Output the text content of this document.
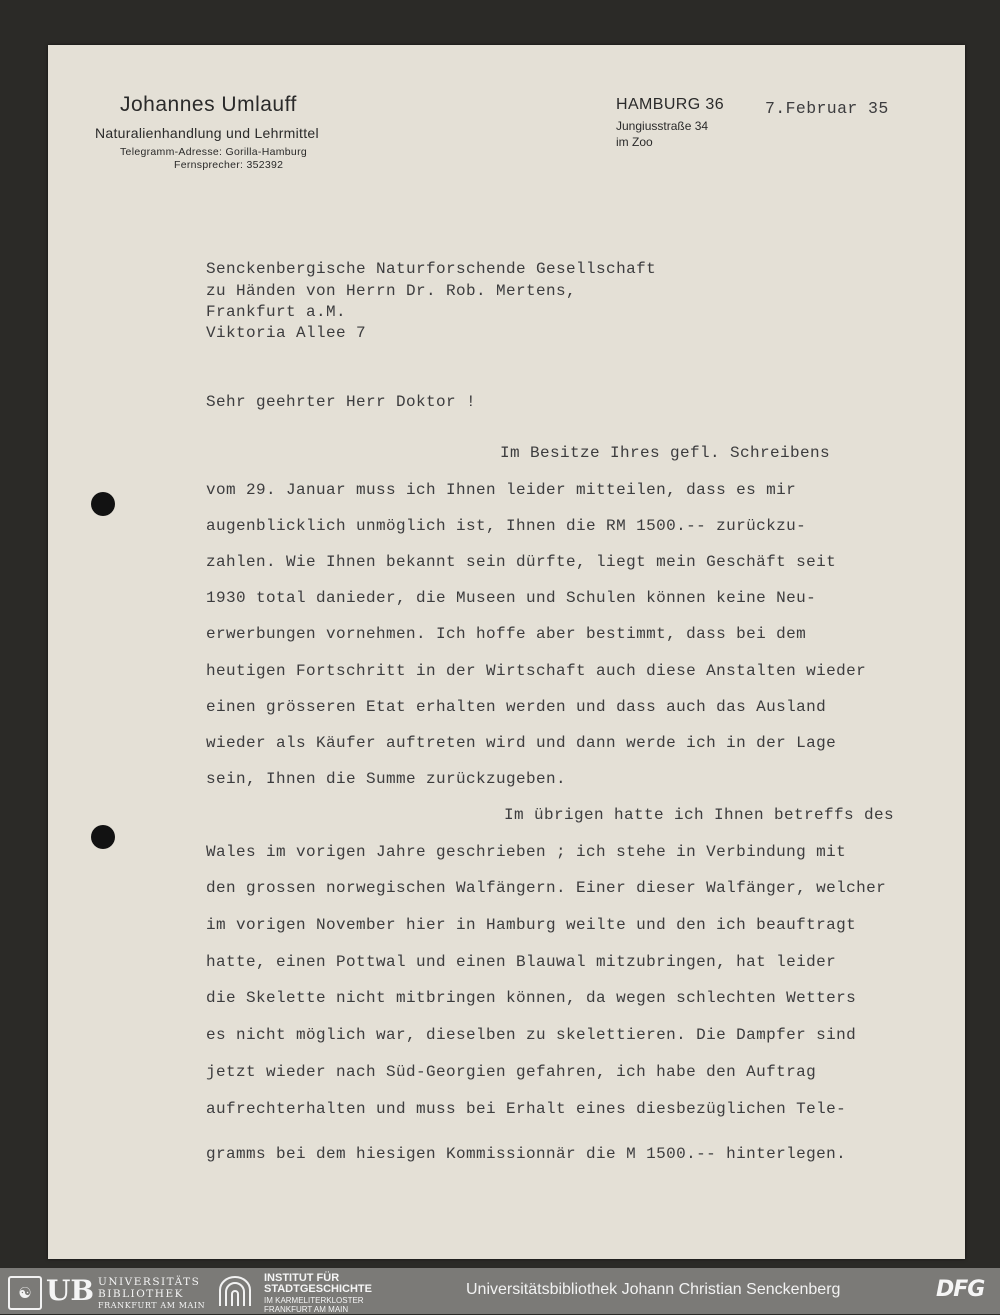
Johannes Umlauff
Naturalienhandlung und Lehrmittel
Telegramm-Adresse: Gorilla-Hamburg
Fernsprecher: 352392
HAMBURG 36
Jungiusstraße 34
im Zoo
7.Februar 35
Senckenbergische Naturforschende Gesellschaft
zu Händen von Herrn Dr. Rob. Mertens,
Frankfurt a.M.
Viktoria Allee 7
Sehr geehrter Herr Doktor !
Im Besitze Ihres gefl. Schreibens
vom 29. Januar muss ich Ihnen leider mitteilen, dass es mir
augenblicklich unmöglich ist, Ihnen die RM 1500.-- zurückzu-
zahlen. Wie Ihnen bekannt sein dürfte, liegt mein Geschäft seit
1930 total danieder, die Museen und Schulen können keine Neu-
erwerbungen vornehmen. Ich hoffe aber bestimmt, dass bei dem
heutigen Fortschritt in der Wirtschaft auch diese Anstalten wieder
einen grösseren Etat erhalten werden und dass auch das Ausland
wieder als Käufer auftreten wird und dann werde ich in der Lage
sein, Ihnen die Summe zurückzugeben.
Im übrigen hatte ich Ihnen betreffs des
Wales im vorigen Jahre geschrieben ; ich stehe in Verbindung mit
den grossen norwegischen Walfängern. Einer dieser Walfänger, welcher
im vorigen November hier in Hamburg weilte und den ich beauftragt
hatte, einen Pottwal und einen Blauwal mitzubringen, hat leider
die Skelette nicht mitbringen können, da wegen schlechten Wetters
es nicht möglich war, dieselben zu skelettieren. Die Dampfer sind
jetzt wieder nach Süd-Georgien gefahren, ich habe den Auftrag
aufrechterhalten und muss bei Erhalt eines diesbezüglichen Tele-
gramms bei dem hiesigen Kommissionnär die M 1500.-- hinterlegen.
☯ UB UNIVERSITÄTS
BIBLIOTHEK
FRANKFURT AM MAIN
INSTITUT FÜR
STADTGESCHICHTE
IM KARMELITERKLOSTER
FRANKFURT AM MAIN
Universitätsbibliothek Johann Christian Senckenberg	DFG
